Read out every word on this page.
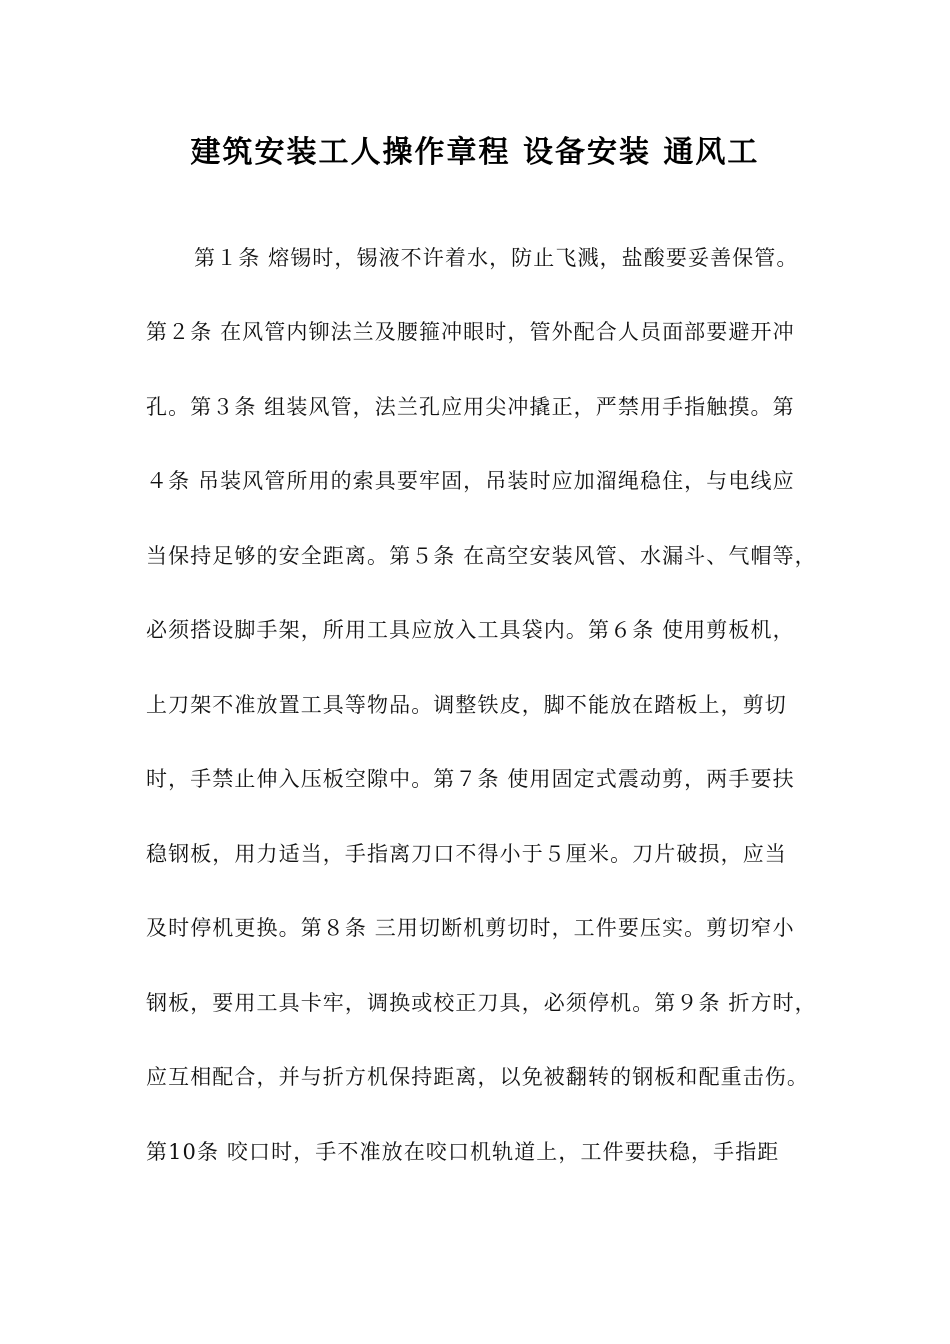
建筑安装工人操作章程 设备安装 通风工

第１条 熔锡时，锡液不许着水，防止飞溅，盐酸要妥善保管。

第２条 在风管内铆法兰及腰箍冲眼时，管外配合人员面部要避开冲

孔。第３条 组装风管，法兰孔应用尖冲撬正，严禁用手指触摸。第

４条 吊装风管所用的索具要牢固，吊装时应加溜绳稳住，与电线应

当保持足够的安全距离。第５条 在高空安装风管、水漏斗、气帽等，

必须搭设脚手架，所用工具应放入工具袋内。第６条 使用剪板机，

上刀架不准放置工具等物品。调整铁皮，脚不能放在踏板上，剪切

时，手禁止伸入压板空隙中。第７条 使用固定式震动剪，两手要扶

稳钢板，用力适当，手指离刀口不得小于５厘米。刀片破损，应当

及时停机更换。第８条 三用切断机剪切时，工件要压实。剪切窄小

钢板，要用工具卡牢，调换或校正刀具，必须停机。第９条 折方时，

应互相配合，并与折方机保持距离，以免被翻转的钢板和配重击伤。

第10条 咬口时，手不准放在咬口机轨道上，工件要扶稳，手指距
